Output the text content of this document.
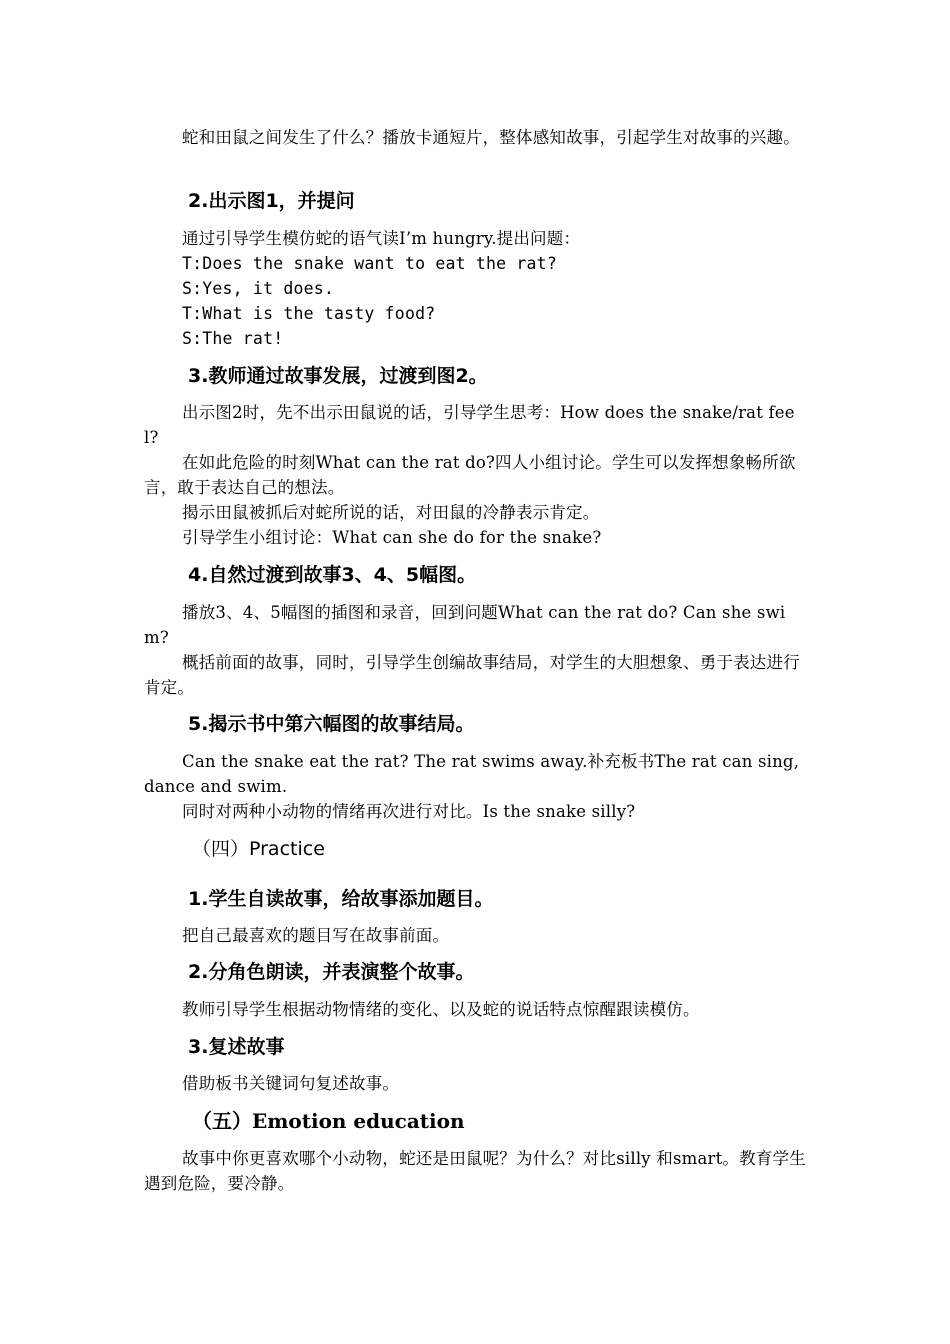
蛇和田鼠之间发生了什么？播放卡通短片，整体感知故事，引起学生对故事的兴趣。
2.出示图1，并提问
通过引导学生模仿蛇的语气读I’m hungry.提出问题：
T:Does the snake want to eat the rat?
S:Yes, it does.
T:What is the tasty food?
S:The rat!
3.教师通过故事发展，过渡到图2。
出示图2时，先不出示田鼠说的话，引导学生思考：How does the snake/rat feel?
在如此危险的时刻What can the rat do?四人小组讨论。学生可以发挥想象畅所欲言，敢于表达自己的想法。
揭示田鼠被抓后对蛇所说的话，对田鼠的冷静表示肯定。
引导学生小组讨论：What can she do for the snake?
4.自然过渡到故事3、4、5幅图。
播放3、4、5幅图的插图和录音，回到问题What can the rat do? Can she swim?
概括前面的故事，同时，引导学生创编故事结局，对学生的大胆想象、勇于表达进行肯定。
5.揭示书中第六幅图的故事结局。
Can the snake eat the rat? The rat swims away.补充板书The rat can sing, dance and swim.
同时对两种小动物的情绪再次进行对比。Is the snake silly?
（四）Practice
1.学生自读故事，给故事添加题目。
把自己最喜欢的题目写在故事前面。
2.分角色朗读，并表演整个故事。
教师引导学生根据动物情绪的变化、以及蛇的说话特点惊醒跟读模仿。
3.复述故事
借助板书关键词句复述故事。
（五）Emotion education
故事中你更喜欢哪个小动物，蛇还是田鼠呢？为什么？对比silly 和smart。教育学生遇到危险，要冷静。
